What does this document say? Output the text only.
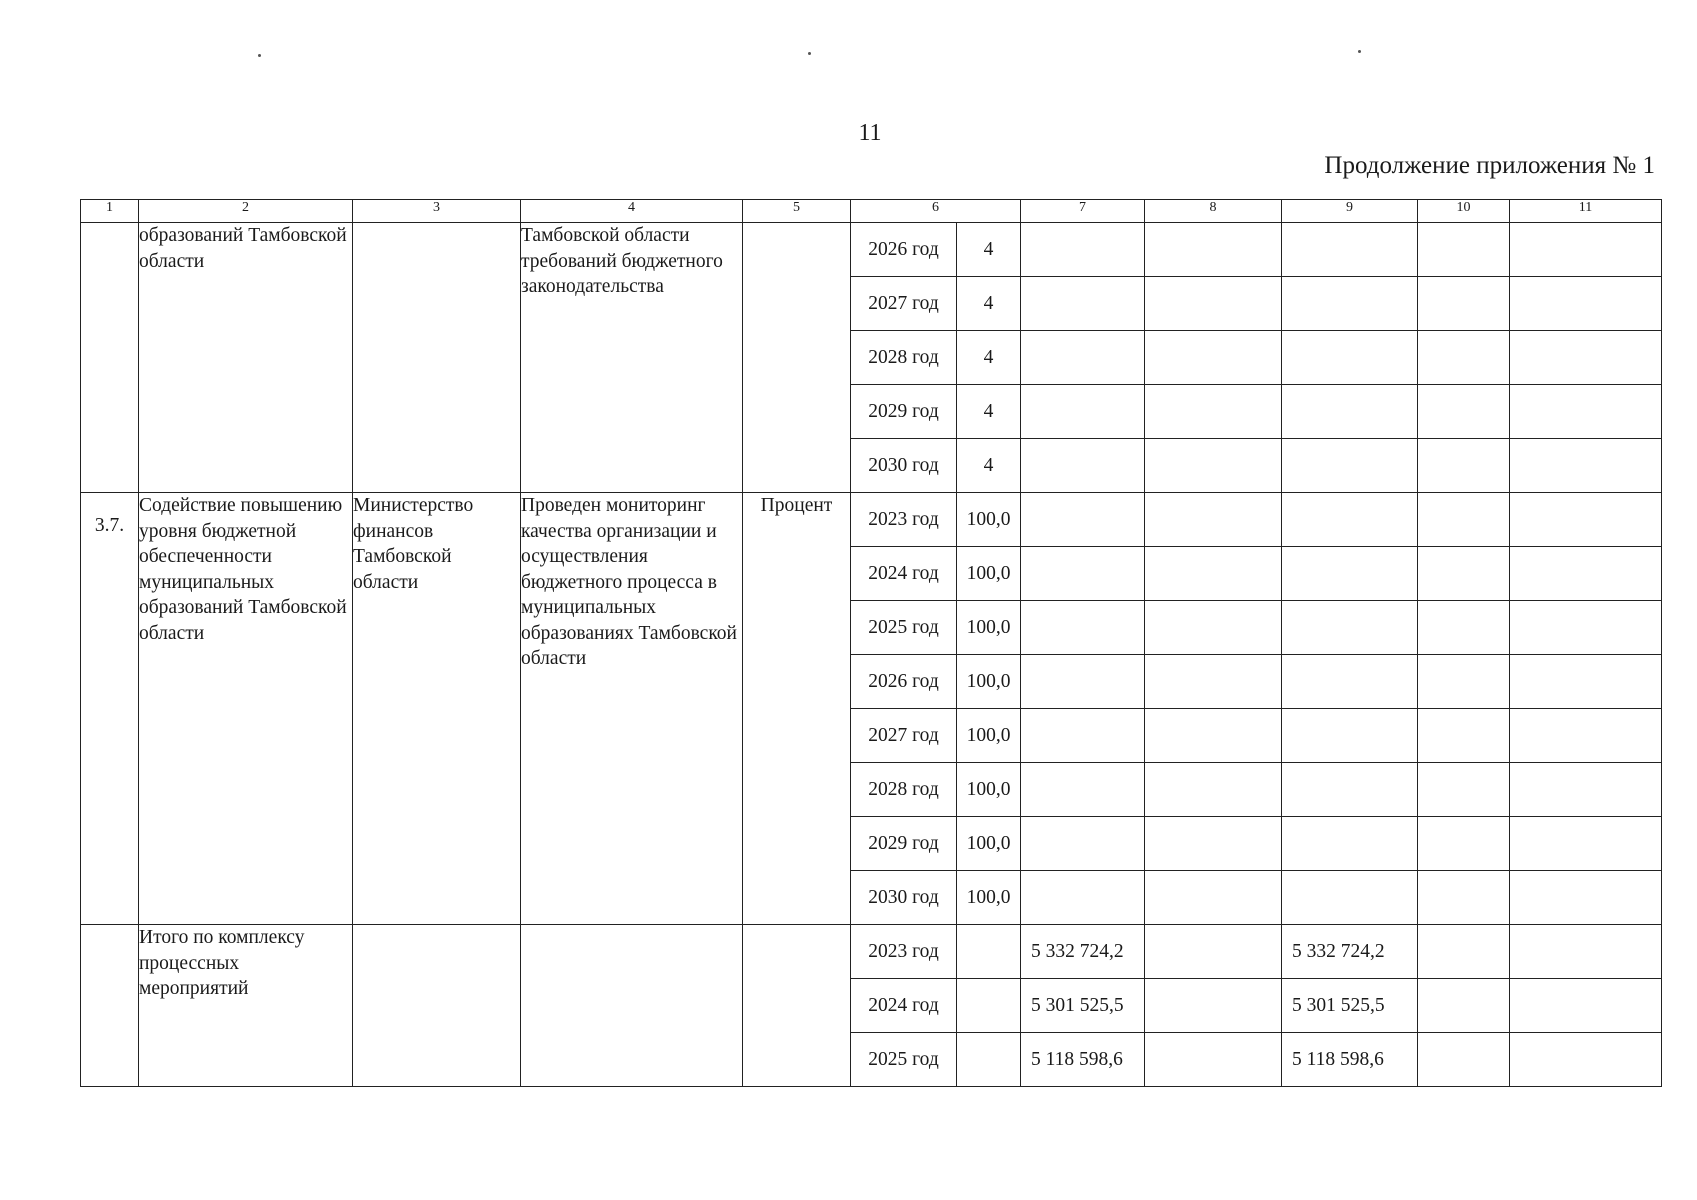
11
Продолжение приложения № 1
1	2	3	4	5	6		7	8	9	10	11
	образований Тамбовской области		Тамбовской области требований бюджетного законодательства		2026 год	4					
					2027 год	4					
					2028 год	4					
					2029 год	4					
					2030 год	4					
3.7.	Содействие повышению уровня бюджетной обеспеченности муниципальных образований Тамбовской области	Министерство финансов Тамбовской области	Проведен мониторинг качества организации и осуществления бюджетного процесса в муниципальных образованиях Тамбовской области	Процент	2023 год	100,0					
					2024 год	100,0					
					2025 год	100,0					
					2026 год	100,0					
					2027 год	100,0					
					2028 год	100,0					
					2029 год	100,0					
					2030 год	100,0					
	Итого по комплексу процессных мероприятий				2023 год		5 332 724,2		5 332 724,2		
					2024 год		5 301 525,5		5 301 525,5		
					2025 год		5 118 598,6		5 118 598,6		
